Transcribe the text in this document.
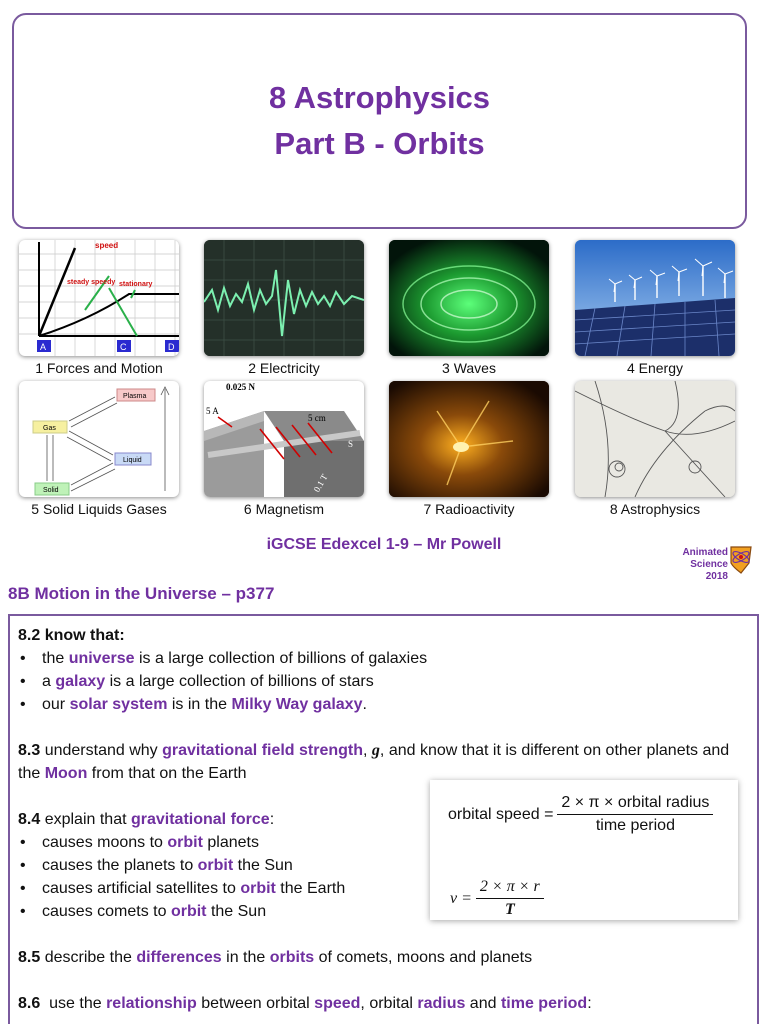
8 Astrophysics
Part B - Orbits
speed
steady speedy stationary
A	C	D
1 Forces and Motion	2 Electricity	3 Waves	4 Energy
Plasma
Gas
Liquid
Solid
5 Solid Liquids Gases
0.025 N
5 A
5 cm
S
N	0.1 T
6 Magnetism	7 Radioactivity	8 Astrophysics
iGCSE Edexcel 1-9 – Mr Powell	Animated Science
2018
8B Motion in the Universe – p377

8.2 know that:

• the universe is a large collection of billions of galaxies
• a galaxy is a large collection of billions of stars
• our solar system is in the Milky Way galaxy.

8.3 understand why gravitational field strength, g, and know that it is different on other planets and the Moon from that on the Earth

8.4 explain that gravitational force:

• causes moons to orbit planets
• causes the planets to orbit the Sun
• causes artificial satellites to orbit the Earth
• causes comets to orbit the Sun

8.5 describe the differences in the orbits of comets, moons and planets

8.6  use the relationship between orbital speed, orbital radius and time period:

orbital speed = $\frac{\text{2 × π × orbital radius}}{\text{time period}}$
$v = \frac{2 \times \pi \times r}{T}$
